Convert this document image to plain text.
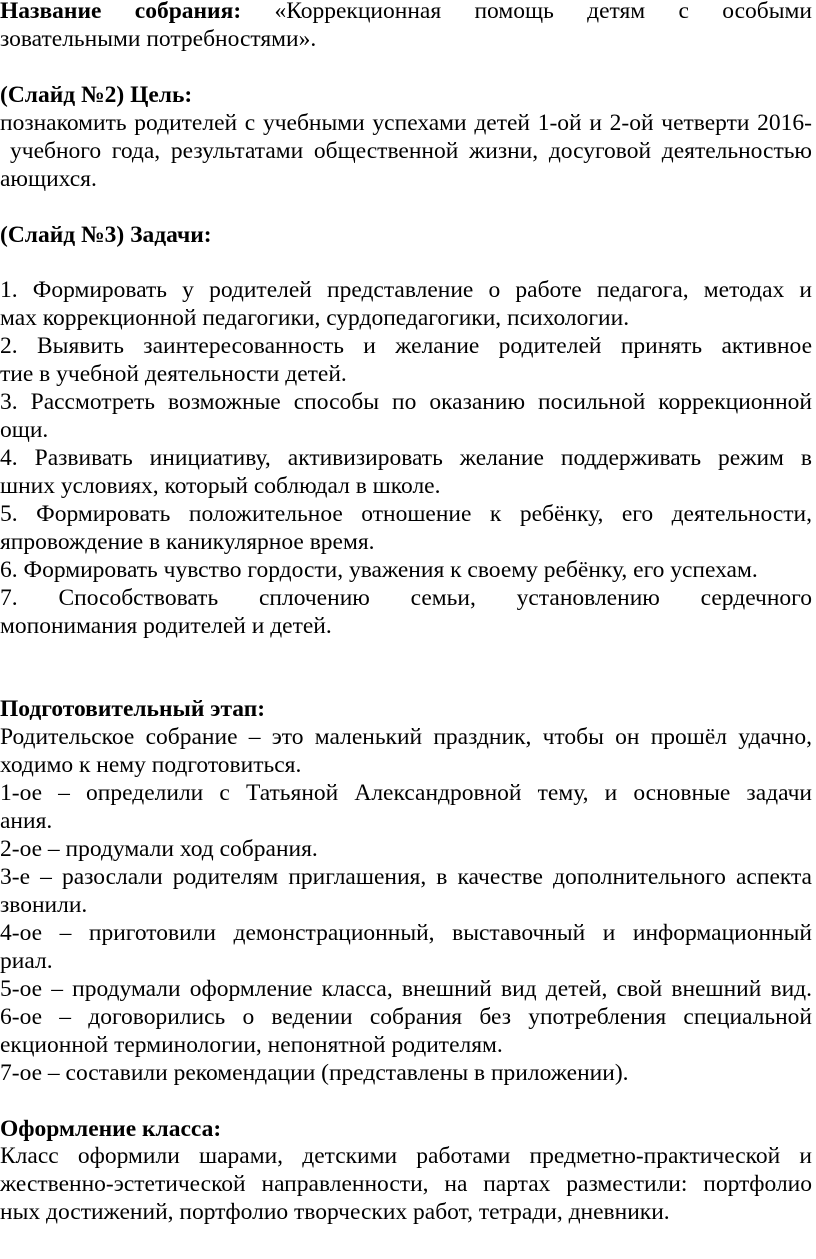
Название собрания: «Коррекционная помощь детям с особыми
зовательными потребностями».
(Слайд №2) Цель:
познакомить родителей с учебными успехами детей 1-ой и 2-ой четверти 2016-
учебного года, результатами общественной жизни, досуговой деятельностью
ающихся.
(Слайд №3) Задачи:
1. Формировать у родителей представление о работе педагога, методах и
мах коррекционной педагогики, сурдопедагогики, психологии.
2. Выявить заинтересованность и желание родителей принять активное
тие в учебной деятельности детей.
3. Рассмотреть возможные способы по оказанию посильной коррекционной
ощи.
4. Развивать инициативу, активизировать желание поддерживать режим в
шних условиях, который соблюдал в школе.
5. Формировать положительное отношение к ребёнку, его деятельности,
япровождение в каникулярное время.
6. Формировать чувство гордости, уважения к своему ребёнку, его успехам.
7. Способствовать сплочению семьи, установлению сердечного
мопонимания родителей и детей.
Подготовительный этап:
Родительское собрание – это маленький праздник, чтобы он прошёл удачно,
ходимо к нему подготовиться.
1-ое – определили с Татьяной Александровной тему, и основные задачи
ания.
2-ое – продумали ход собрания.
3-е – разослали родителям приглашения, в качестве дополнительного аспекта
звонили.
4-ое – приготовили демонстрационный, выставочный и информационный
риал.
5-ое – продумали оформление класса, внешний вид детей, свой внешний вид.
6-ое – договорились о ведении собрания без употребления специальной
екционной терминологии, непонятной родителям.
7-ое – составили рекомендации (представлены в приложении).
Оформление класса:
Класс оформили шарами, детскими работами предметно-практической и
жественно-эстетической направленности, на партах разместили: портфолио
ных достижений, портфолио творческих работ, тетради, дневники.
